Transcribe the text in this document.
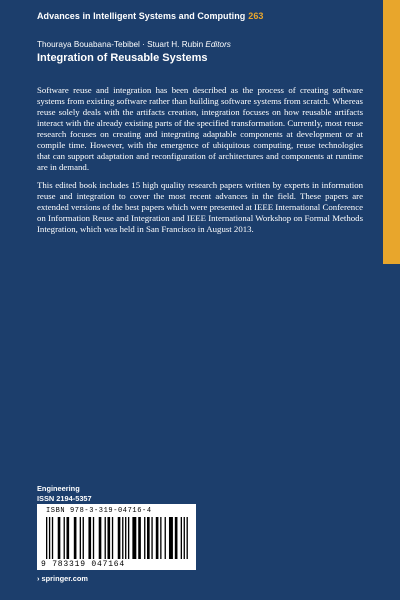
Advances in Intelligent Systems and Computing 263
Thouraya Bouabana-Tebibel · Stuart H. Rubin Editors
Integration of Reusable Systems

Software reuse and integration has been described as the process of creating software systems from existing software rather than building software systems from scratch. Whereas reuse solely deals with the artifacts creation, integration focuses on how reusable artifacts interact with the already existing parts of the specified transformation. Currently, most reuse research focuses on creating and integrating adaptable components at development or at compile time. However, with the emergence of ubiquitous computing, reuse technologies that can support adaptation and reconfiguration of architectures and components at runtime are in demand.

This edited book includes 15 high quality research papers written by experts in information reuse and integration to cover the most recent advances in the field. These papers are extended versions of the best papers which were presented at IEEE International Conference on Information Reuse and Integration and IEEE International Workshop on Formal Methods Integration, which was held in San Francisco in August 2013.

Engineering
ISSN 2194-5357
ISBN 978-3-319-04716-4
9 783319 047164
› springer.com
